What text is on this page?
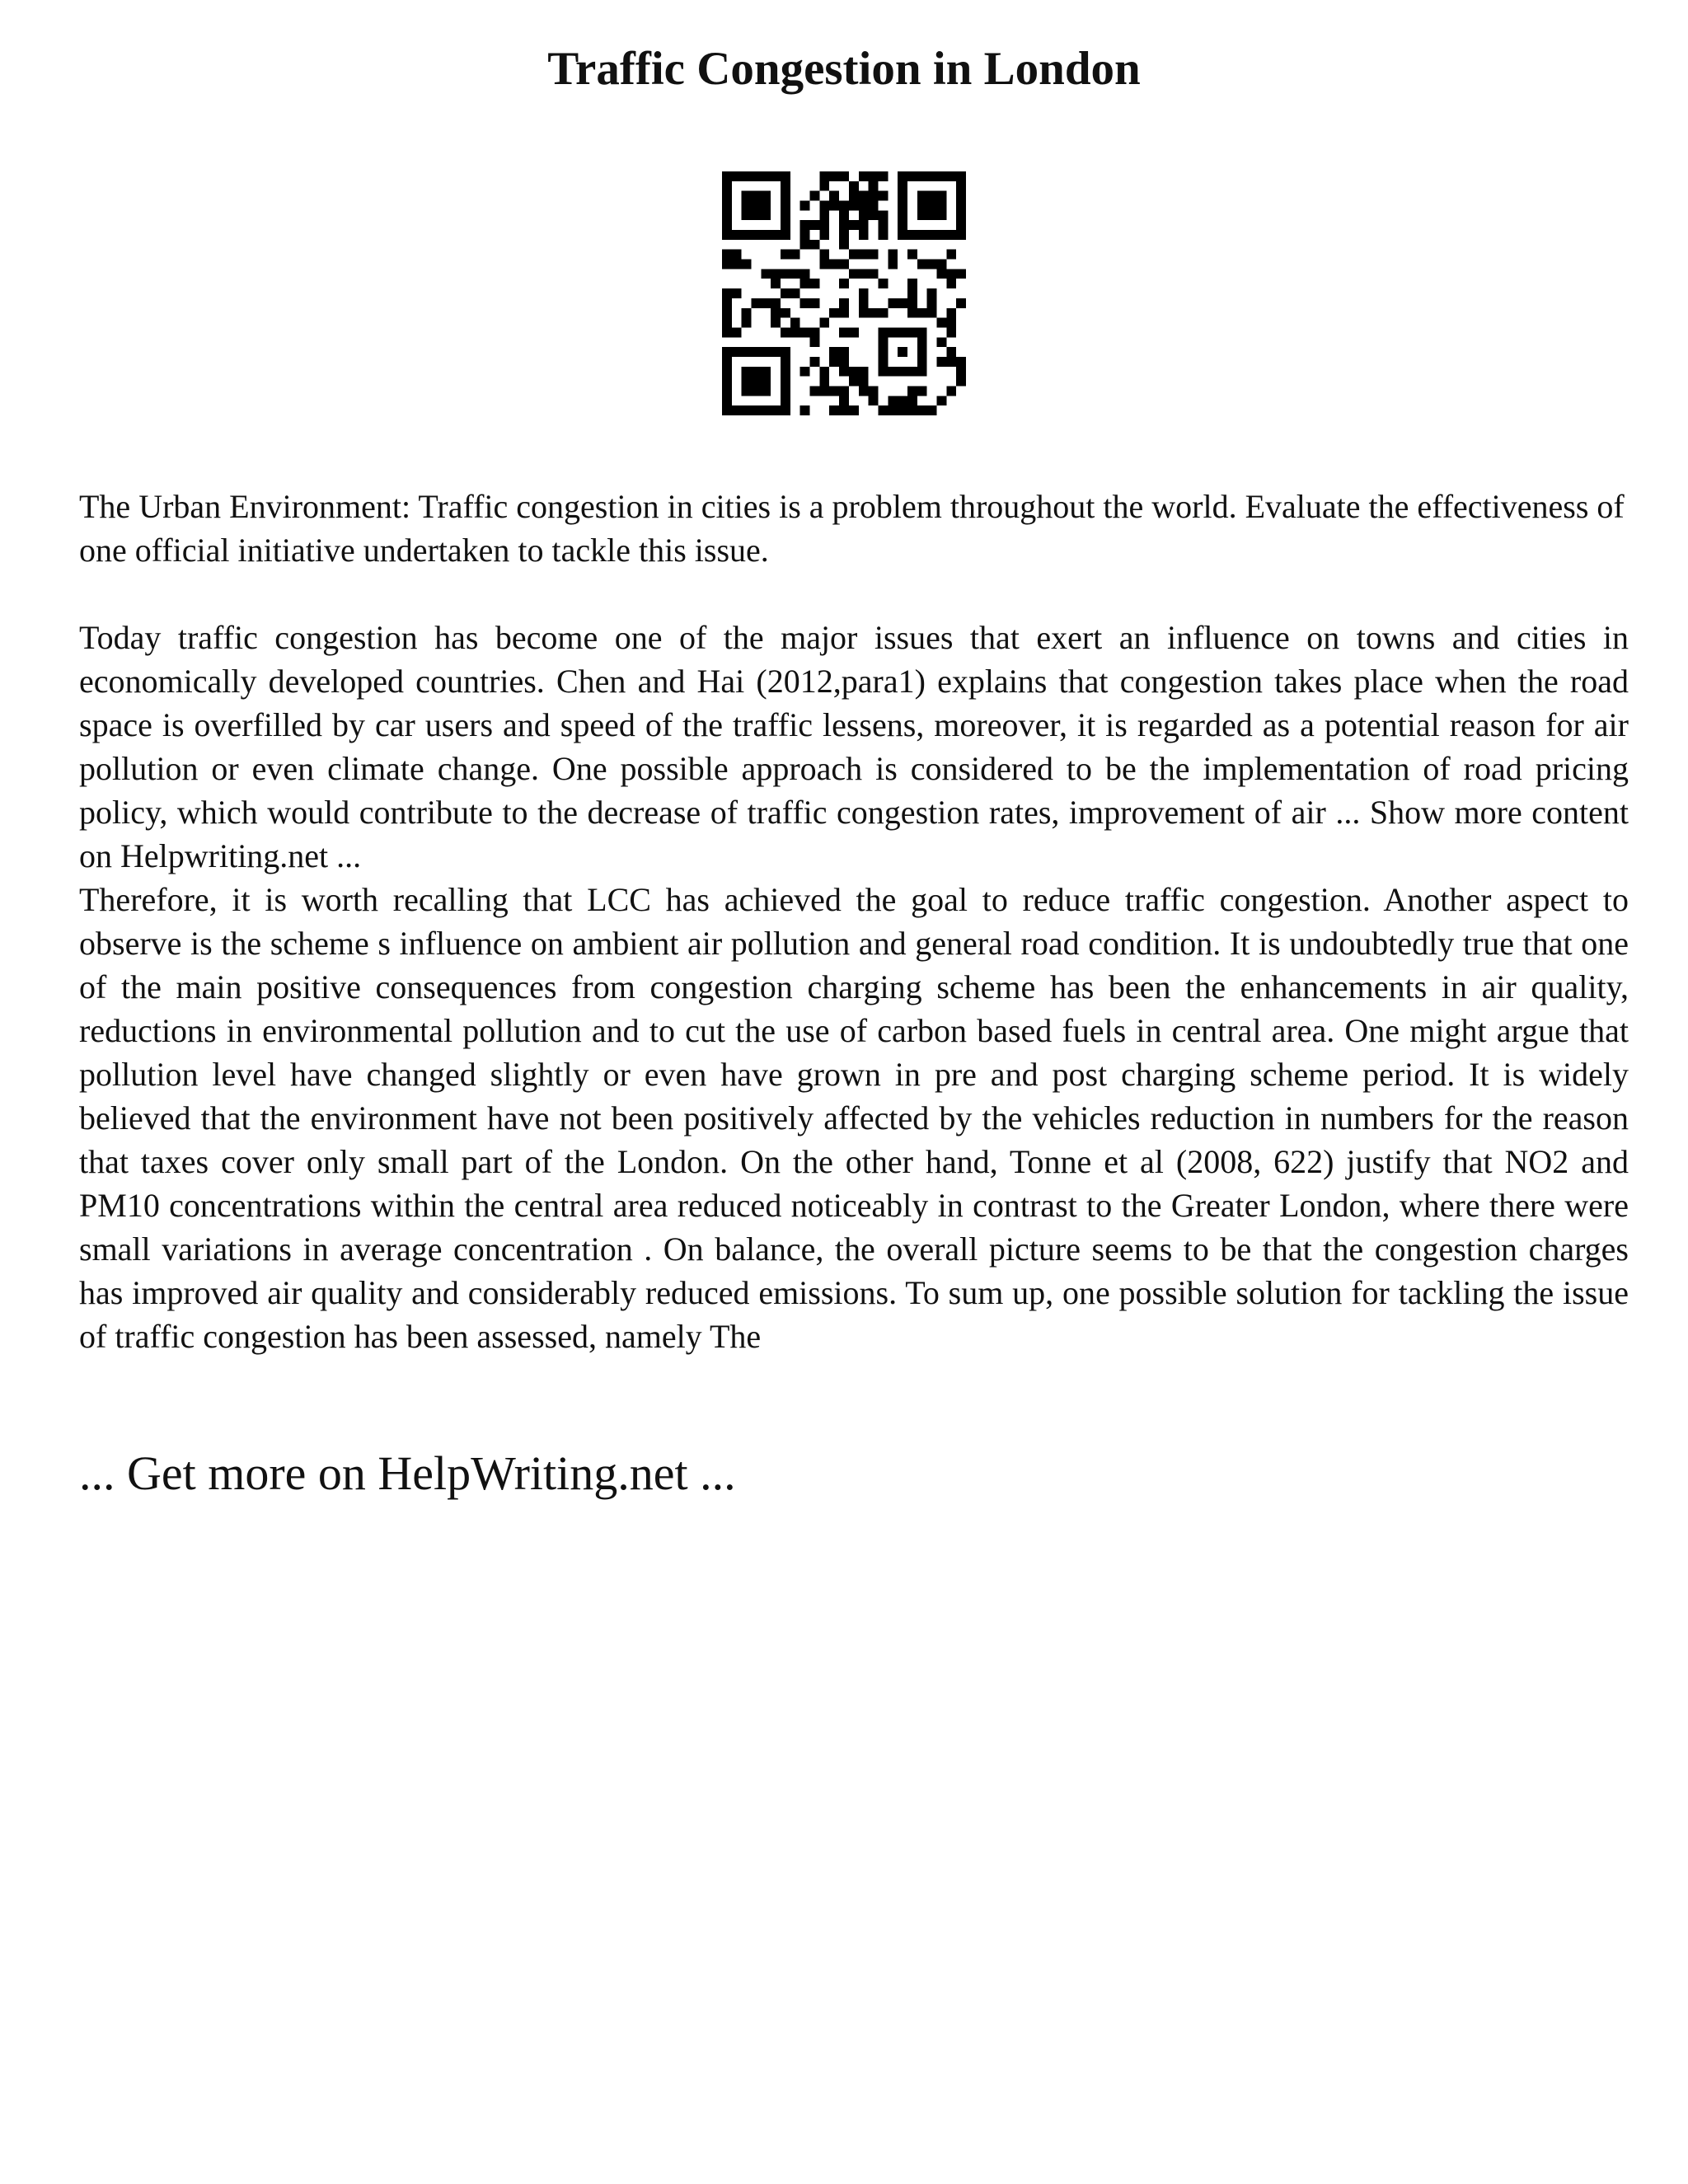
Traffic Congestion in London

The Urban Environment: Traffic congestion in cities is a problem throughout the world. Evaluate the effectiveness of one official initiative undertaken to tackle this issue.

Today traffic congestion has become one of the major issues that exert an influence on towns and cities in economically developed countries. Chen and Hai (2012,para1) explains that congestion takes place when the road space is overfilled by car users and speed of the traffic lessens, moreover, it is regarded as a potential reason for air pollution or even climate change. One possible approach is considered to be the implementation of road pricing policy, which would contribute to the decrease of traffic congestion rates, improvement of air ... Show more content on Helpwriting.net ...
Therefore, it is worth recalling that LCC has achieved the goal to reduce traffic congestion. Another aspect to observe is the scheme s influence on ambient air pollution and general road condition. It is undoubtedly true that one of the main positive consequences from congestion charging scheme has been the enhancements in air quality, reductions in environmental pollution and to cut the use of carbon based fuels in central area. One might argue that pollution level have changed slightly or even have grown in pre and post charging scheme period. It is widely believed that the environment have not been positively affected by the vehicles reduction in numbers for the reason that taxes cover only small part of the London. On the other hand, Tonne et al (2008, 622) justify that NO2 and PM10 concentrations within the central area reduced noticeably in contrast to the Greater London, where there were small variations in average concentration . On balance, the overall picture seems to be that the congestion charges has improved air quality and considerably reduced emissions. To sum up, one possible solution for tackling the issue of traffic congestion has been assessed, namely The

... Get more on HelpWriting.net ...
